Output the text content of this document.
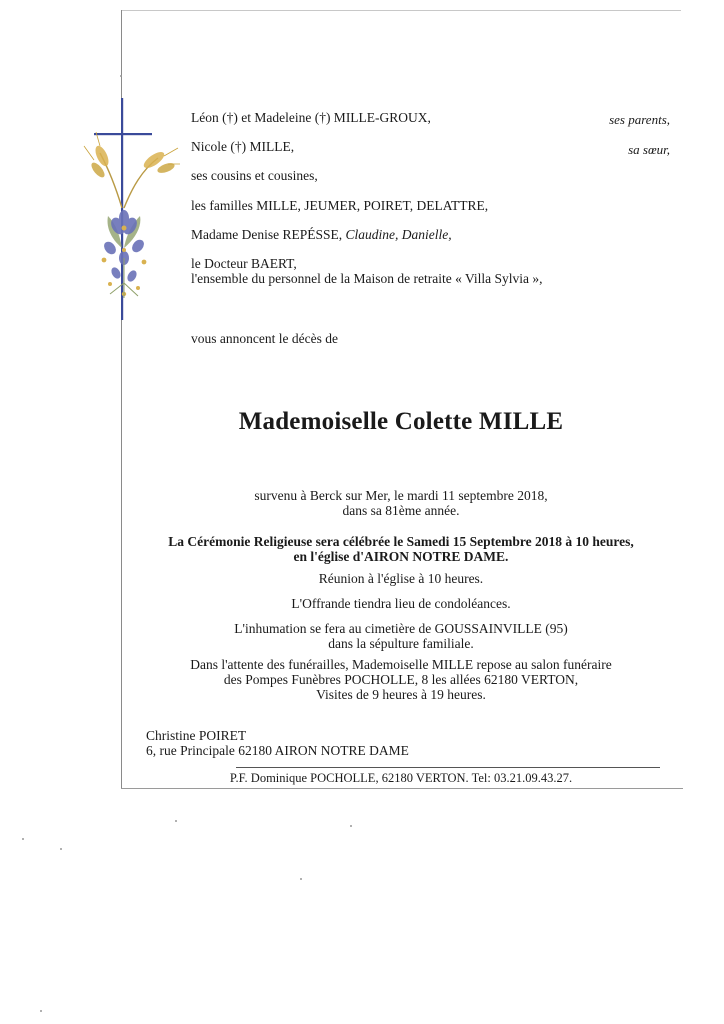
Léon (†) et Madeleine (†) MILLE-GROUX,	ses parents,
Nicole (†) MILLE,	sa sœur,
ses cousins et cousines,
les familles MILLE, JEUMER, POIRET, DELATTRE,
Madame Denise REPÉSSE, Claudine, Danielle,
le Docteur BAERT,
l'ensemble du personnel de la Maison de retraite « Villa Sylvia »,
vous annoncent le décès de
Mademoiselle Colette MILLE
survenu à Berck sur Mer, le mardi 11 septembre 2018,
dans sa 81ème année.
La Cérémonie Religieuse sera célébrée le Samedi 15 Septembre 2018 à 10 heures,
en l'église d'AIRON NOTRE DAME.
Réunion à l'église à 10 heures.
L'Offrande tiendra lieu de condoléances.
L'inhumation se fera au cimetière de GOUSSAINVILLE (95)
dans la sépulture familiale.
Dans l'attente des funérailles, Mademoiselle MILLE repose au salon funéraire
des Pompes Funèbres POCHOLLE, 8 les allées 62180 VERTON,
Visites de 9 heures à 19 heures.
Christine POIRET
6, rue Principale 62180 AIRON NOTRE DAME
P.F. Dominique POCHOLLE, 62180 VERTON. Tel: 03.21.09.43.27.
